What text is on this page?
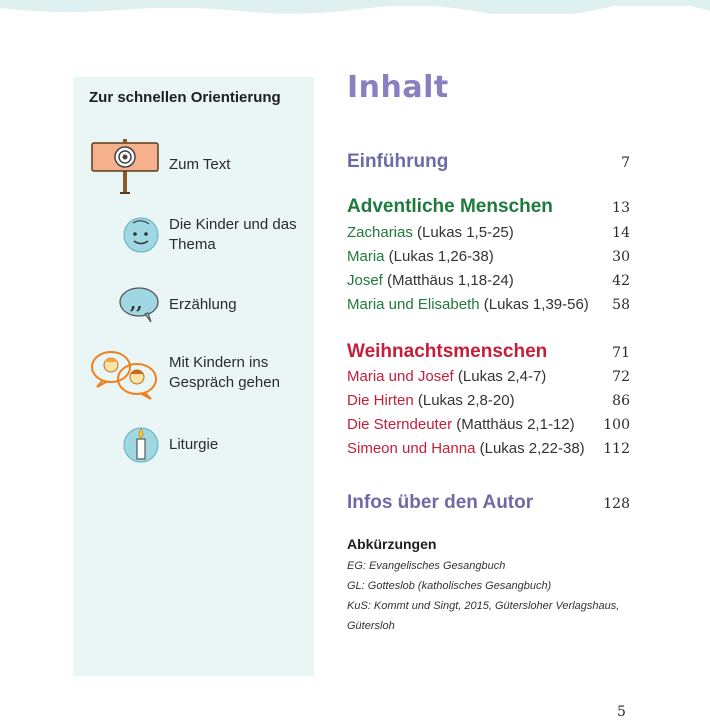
Zur schnellen Orientierung
Zum Text
Die Kinder und das Thema
,, Erzählung
Mit Kindern ins Gespräch gehen
Liturgie
Inhalt
Einführung	7
Adventliche Menschen	13
Zacharias (Lukas 1,5-25)	14
Maria (Lukas 1,26-38)	30
Josef (Matthäus 1,18-24)	42
Maria und Elisabeth (Lukas 1,39-56) 58
Weihnachtsmenschen	71
Maria und Josef (Lukas 2,4-7)	72
Die Hirten (Lukas 2,8-20)	86
Die Sterndeuter (Matthäus 2,1-12) 100
Simeon und Hanna (Lukas 2,22-38) 112
Infos über den Autor	128
Abkürzungen
EG: Evangelisches Gesangbuch
GL: Gotteslob (katholisches Gesangbuch)
KuS: Kommt und Singt, 2015, Gütersloher Verlagshaus,
Gütersloh
5
